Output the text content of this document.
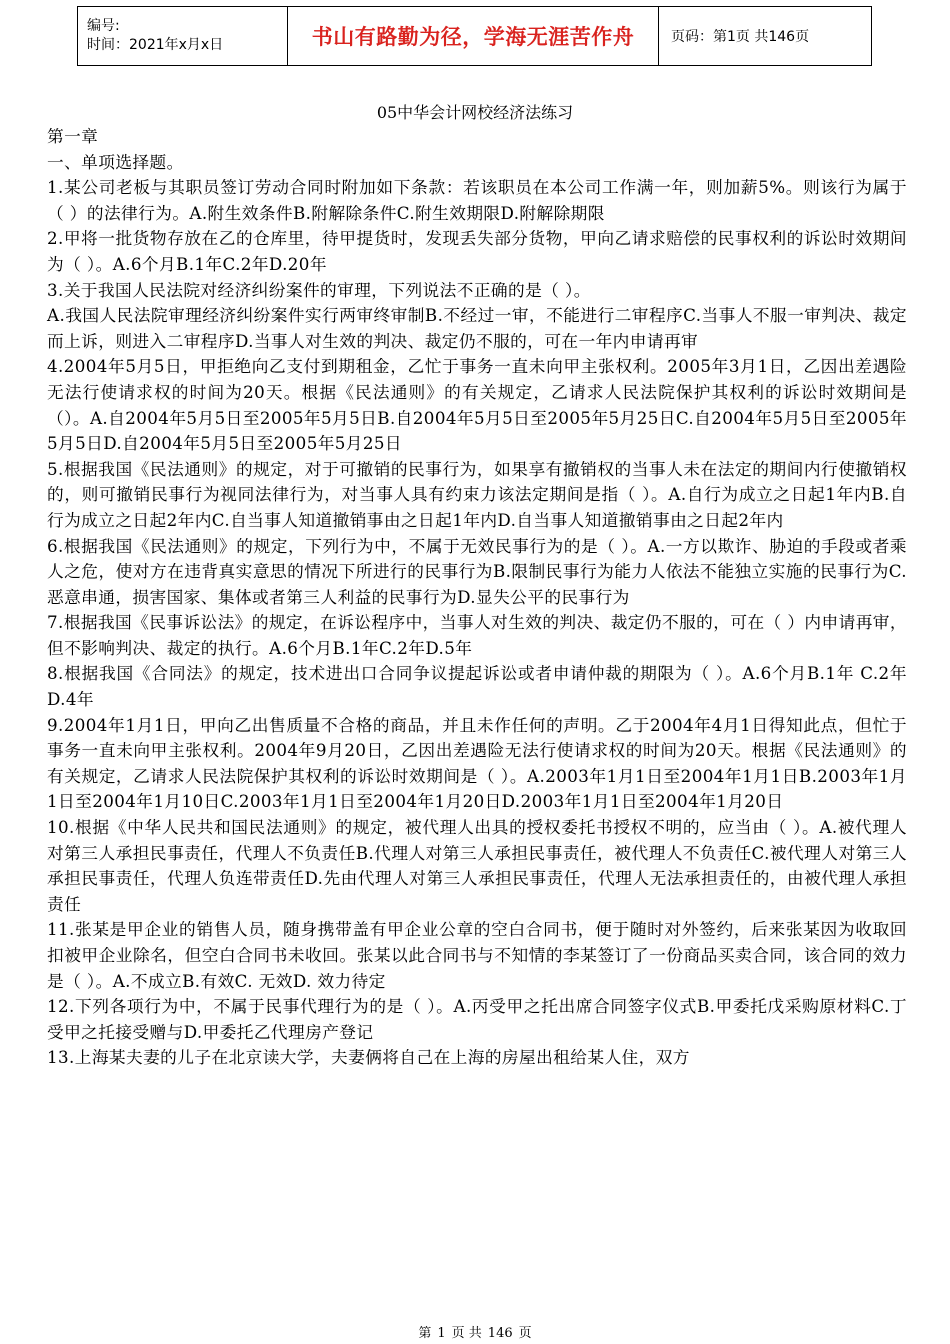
编号:
时间：2021年x月x日	书山有路勤为径，学海无涯苦作舟	页码：第1页 共146页
05中华会计网校经济法练习

第一章

一、单项选择题。

1.某公司老板与其职员签订劳动合同时附加如下条款：若该职员在本公司工作满一年，则加薪5%。则该行为属于（ ）的法律行为。A.附生效条件B.附解除条件C.附生效期限D.附解除期限

2.甲将一批货物存放在乙的仓库里，待甲提货时，发现丢失部分货物，甲向乙请求赔偿的民事权利的诉讼时效期间为（ ）。A.6个月B.1年C.2年D.20年

3.关于我国人民法院对经济纠纷案件的审理，下列说法不正确的是（ ）。

A.我国人民法院审理经济纠纷案件实行两审终审制B.不经过一审，不能进行二审程序C.当事人不服一审判决、裁定而上诉，则进入二审程序D.当事人对生效的判决、裁定仍不服的，可在一年内申请再审

4.2004年5月5日，甲拒绝向乙支付到期租金，乙忙于事务一直未向甲主张权利。2005年3月1日，乙因出差遇险无法行使请求权的时间为20天。根据《民法通则》的有关规定，乙请求人民法院保护其权利的诉讼时效期间是（）。A.自2004年5月5日至2005年5月5日B.自2004年5月5日至2005年5月25日C.自2004年5月5日至2005年5月5日D.自2004年5月5日至2005年5月25日

5.根据我国《民法通则》的规定，对于可撤销的民事行为，如果享有撤销权的当事人未在法定的期间内行使撤销权的，则可撤销民事行为视同法律行为，对当事人具有约束力该法定期间是指（ ）。A.自行为成立之日起1年内B.自行为成立之日起2年内C.自当事人知道撤销事由之日起1年内D.自当事人知道撤销事由之日起2年内

6.根据我国《民法通则》的规定，下列行为中，不属于无效民事行为的是（ ）。A.一方以欺诈、胁迫的手段或者乘人之危，使对方在违背真实意思的情况下所进行的民事行为B.限制民事行为能力人依法不能独立实施的民事行为C.恶意串通，损害国家、集体或者第三人利益的民事行为D.显失公平的民事行为

7.根据我国《民事诉讼法》的规定，在诉讼程序中，当事人对生效的判决、裁定仍不服的，可在（ ）内申请再审，但不影响判决、裁定的执行。A.6个月B.1年C.2年D.5年

8.根据我国《合同法》的规定，技术进出口合同争议提起诉讼或者申请仲裁的期限为（ ）。A.6个月B.1年 C.2年 D.4年

9.2004年1月1日，甲向乙出售质量不合格的商品，并且未作任何的声明。乙于2004年4月1日得知此点，但忙于事务一直未向甲主张权利。2004年9月20日，乙因出差遇险无法行使请求权的时间为20天。根据《民法通则》的有关规定，乙请求人民法院保护其权利的诉讼时效期间是（ ）。A.2003年1月1日至2004年1月1日B.2003年1月1日至2004年1月10日C.2003年1月1日至2004年1月20日D.2003年1月1日至2004年1月20日

10.根据《中华人民共和国民法通则》的规定，被代理人出具的授权委托书授权不明的，应当由（ ）。A.被代理人对第三人承担民事责任，代理人不负责任B.代理人对第三人承担民事责任，被代理人不负责任C.被代理人对第三人承担民事责任，代理人负连带责任D.先由代理人对第三人承担民事责任，代理人无法承担责任的，由被代理人承担责任

11.张某是甲企业的销售人员，随身携带盖有甲企业公章的空白合同书，便于随时对外签约，后来张某因为收取回扣被甲企业除名，但空白合同书未收回。张某以此合同书与不知情的李某签订了一份商品买卖合同，该合同的效力是（ ）。A.不成立B.有效C. 无效D. 效力待定

12.下列各项行为中，不属于民事代理行为的是（ ）。A.丙受甲之托出席合同签字仪式B.甲委托戊采购原材料C.丁受甲之托接受赠与D.甲委托乙代理房产登记

13.上海某夫妻的儿子在北京读大学，夫妻俩将自己在上海的房屋出租给某人住，双方

第 1 页 共 146 页
